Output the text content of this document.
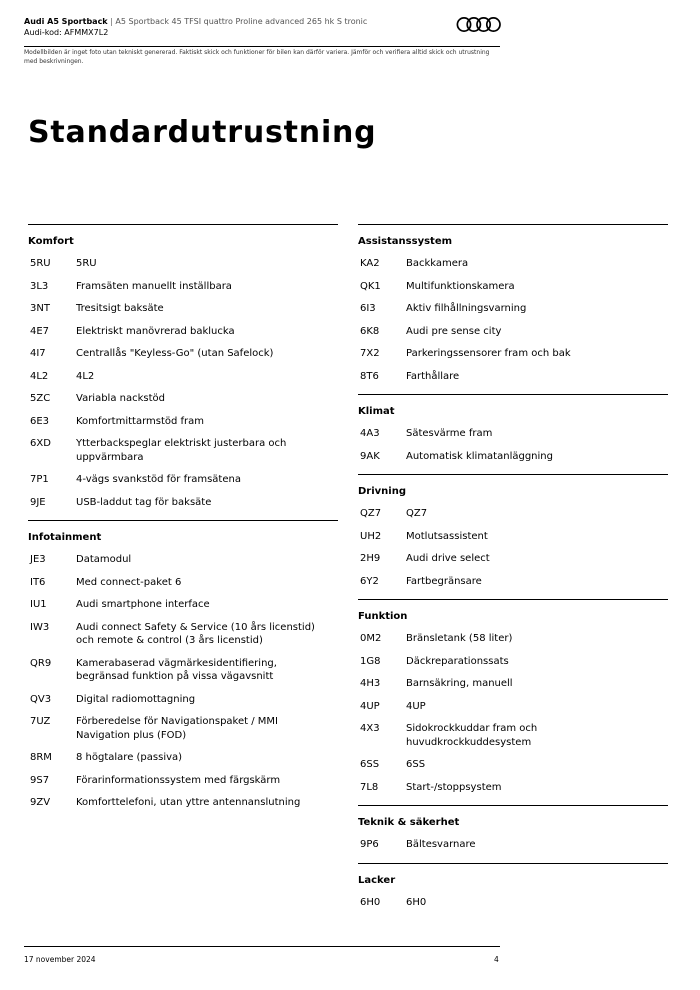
Audi A5 Sportback | A5 Sportback 45 TFSI quattro Proline advanced 265 hk S tronic
Audi-kod: AFMMX7L2
Modellbilden är inget foto utan tekniskt genererad. Faktiskt skick och funktioner för bilen kan därför variera. Jämför och verifiera alltid skick och utrustning med beskrivningen.
Standardutrustning
Komfort
5RU	5RU
3L3	Framsäten manuellt inställbara
3NT	Tresitsigt baksäte
4E7	Elektriskt manövrerad baklucka
4I7	Centrallås "Keyless-Go" (utan Safelock)
4L2	4L2
5ZC	Variabla nackstöd
6E3	Komfortmittarmstöd fram
6XD	Ytterbackspeglar elektriskt justerbara och uppvärmbara
7P1	4-vägs svankstöd för framsätena
9JE	USB-laddut tag för baksäte
Infotainment
JE3	Datamodul
IT6	Med connect-paket 6
IU1	Audi smartphone interface
IW3	Audi connect Safety & Service (10 års licenstid) och remote & control (3 års licenstid)
QR9	Kamerabaserad vägmärkesidentifiering, begränsad funktion på vissa vägavsnitt
QV3	Digital radiomottagning
7UZ	Förberedelse för Navigationspaket / MMI Navigation plus (FOD)
8RM	8 högtalare (passiva)
9S7	Förarinformationssystem med färgskärm
9ZV	Komforttelefoni, utan yttre antennanslutning
Assistanssystem
KA2	Backkamera
QK1	Multifunktionskamera
6I3	Aktiv filhållningsvarning
6K8	Audi pre sense city
7X2	Parkeringssensorer fram och bak
8T6	Farthållare
Klimat
4A3	Sätesvärme fram
9AK	Automatisk klimatanläggning
Drivning
QZ7	QZ7
UH2	Motlutsassistent
2H9	Audi drive select
6Y2	Fartbegränsare
Funktion
0M2	Bränsletank (58 liter)
1G8	Däckreparationssats
4H3	Barnsäkring, manuell
4UP	4UP
4X3	Sidokrockkuddar fram och huvudkrockkuddesystem
6SS	6SS
7L8	Start-/stoppsystem
Teknik & säkerhet
9P6	Bältesvarnare
Lacker
6H0	6H0
17 november 2024	4
